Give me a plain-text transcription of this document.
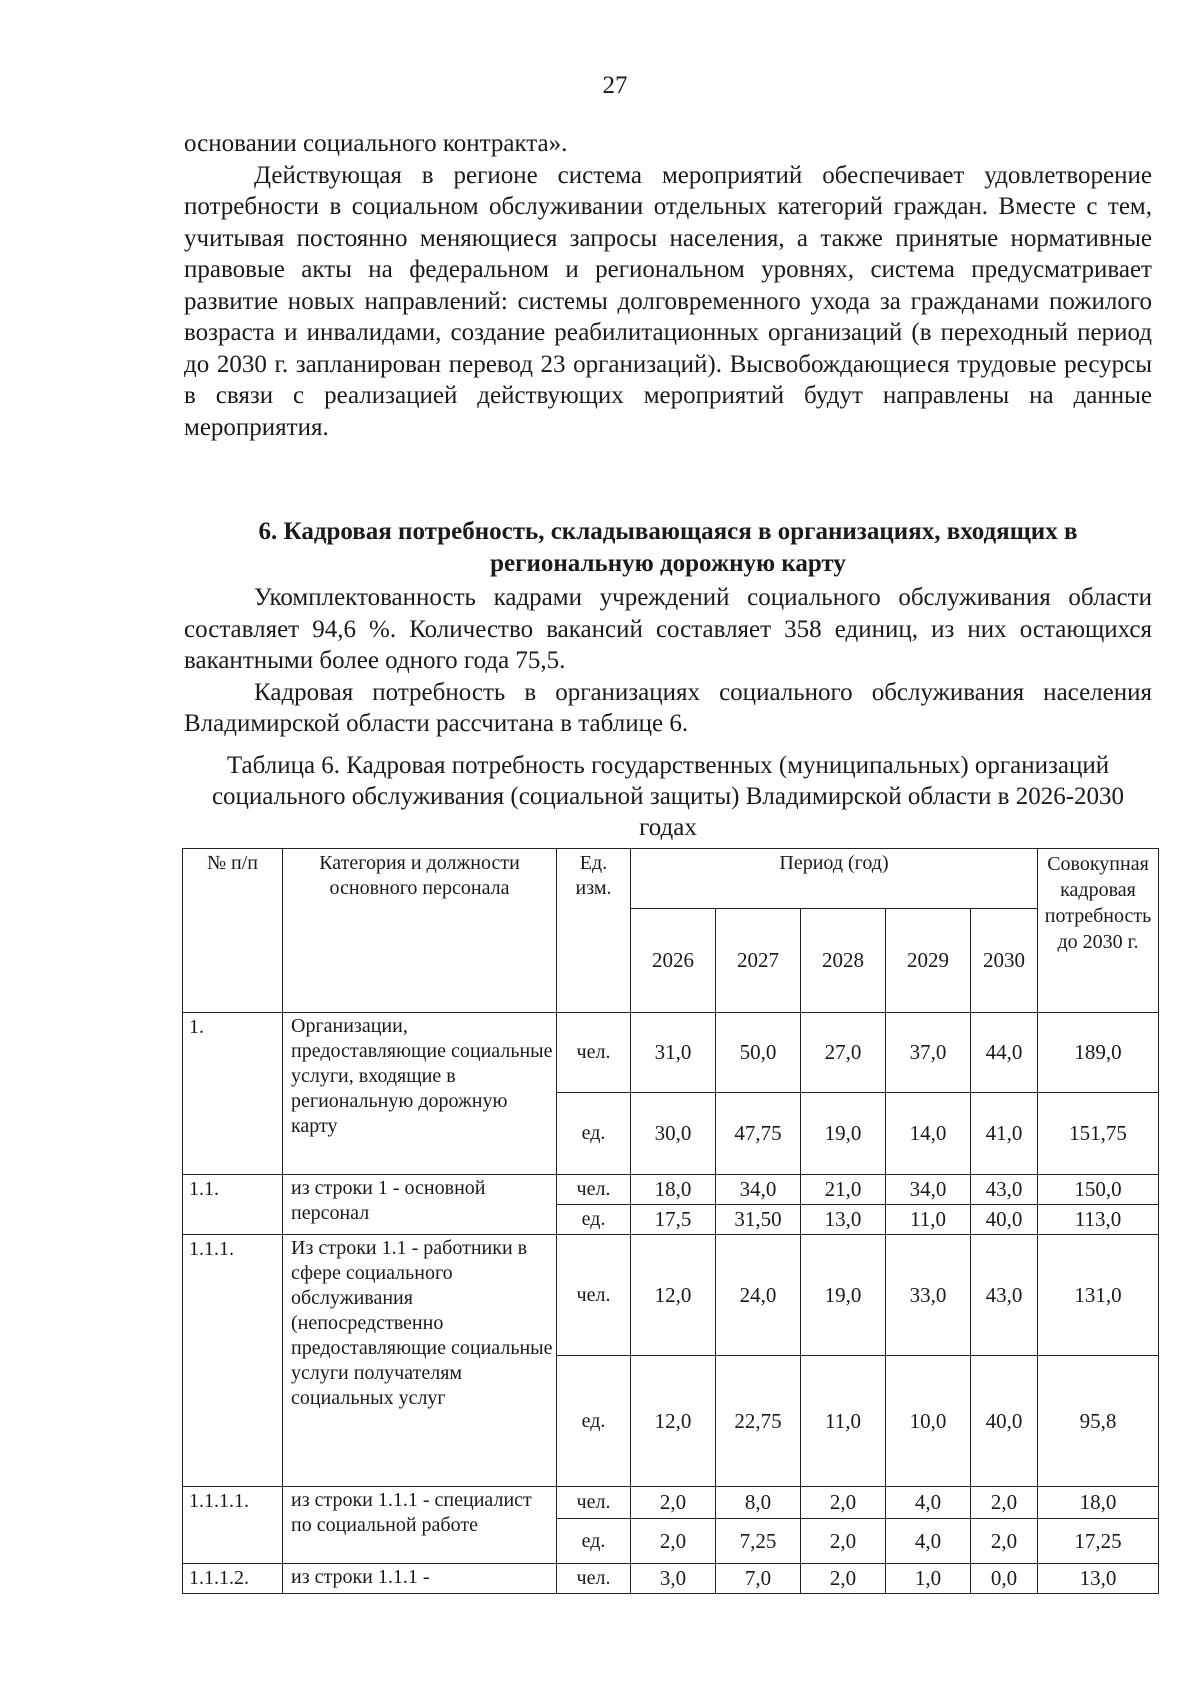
27

основании социального контракта».

Действующая в регионе система мероприятий обеспечивает удовлетворение потребности в социальном обслуживании отдельных категорий граждан. Вместе с тем, учитывая постоянно меняющиеся запросы населения, а также принятые нормативные правовые акты на федеральном и региональном уровнях, система предусматривает развитие новых направлений: системы долговременного ухода за гражданами пожилого возраста и инвалидами, создание реабилитационных организаций (в переходный период до 2030 г. запланирован перевод 23 организаций). Высвобождающиеся трудовые ресурсы в связи с реализацией действующих мероприятий будут направлены на данные мероприятия.

6. Кадровая потребность, складывающаяся в организациях, входящих в региональную дорожную карту

Укомплектованность кадрами учреждений социального обслуживания области составляет 94,6 %. Количество вакансий составляет 358 единиц, из них остающихся вакантными более одного года 75,5.

Кадровая потребность в организациях социального обслуживания населения Владимирской области рассчитана в таблице 6.

Таблица 6. Кадровая потребность государственных (муниципальных) организаций социального обслуживания (социальной защиты) Владимирской области в 2026-2030 годах
№ п/п	Категория и должности основного персонала	Ед. изм.	Период (год)					Совокупная кадровая потребность до 2030 г.
			2026	2027	2028	2029	2030	
1.	Организации, предоставляющие социальные услуги, входящие в региональную дорожную карту	чел.	31,0	50,0	27,0	37,0	44,0	189,0
		ед.	30,0	47,75	19,0	14,0	41,0	151,75
1.1.	из строки 1 - основной персонал	чел.	18,0	34,0	21,0	34,0	43,0	150,0
		ед.	17,5	31,50	13,0	11,0	40,0	113,0
1.1.1.	Из строки 1.1 - работники в сфере социального обслуживания (непосредственно предоставляющие социальные услуги получателям социальных услуг	чел.	12,0	24,0	19,0	33,0	43,0	131,0
		ед.	12,0	22,75	11,0	10,0	40,0	95,8
1.1.1.1.	из строки 1.1.1 - специалист по социальной работе	чел.	2,0	8,0	2,0	4,0	2,0	18,0
		ед.	2,0	7,25	2,0	4,0	2,0	17,25
1.1.1.2.	из строки 1.1.1 -	чел.	3,0	7,0	2,0	1,0	0,0	13,0
